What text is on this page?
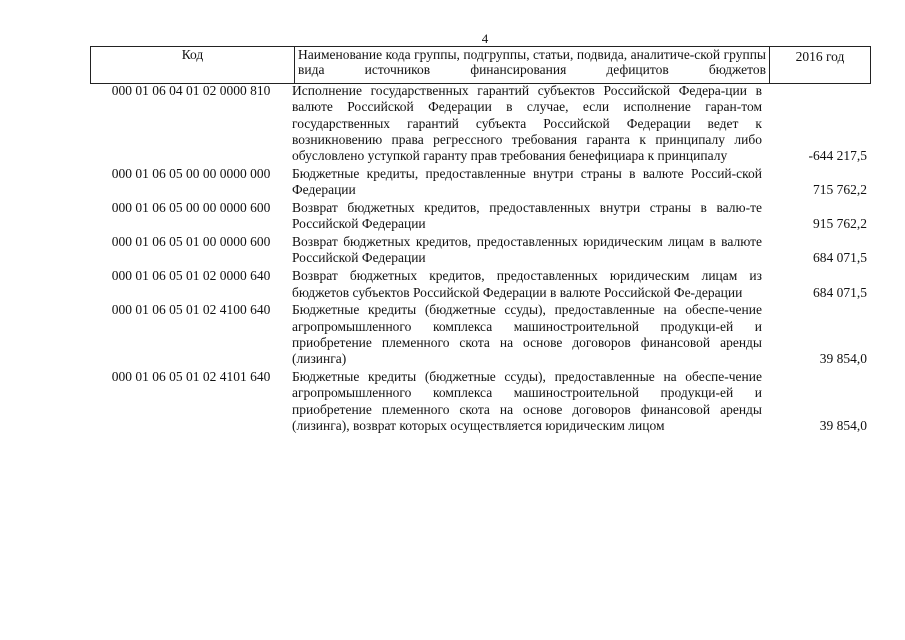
4
Код	Наименование кода группы, подгруппы, статьи, подвида, аналитиче-ской группы вида источников финансирования дефицитов бюджетов	2016 год
000 01 06 04 01 02 0000 810	Исполнение государственных гарантий субъектов Российской Федера-ции в валюте Российской Федерации в случае, если исполнение гаран-том государственных гарантий субъекта Российской Федерации ведет к возникновению права регрессного требования гаранта к принципалу либо обусловлено уступкой гаранту прав требования бенефициара к принципалу	-644 217,5
000 01 06 05 00 00 0000 000	Бюджетные кредиты, предоставленные внутри страны в валюте Россий-ской Федерации	715 762,2
000 01 06 05 00 00 0000 600	Возврат бюджетных кредитов, предоставленных внутри страны в валю-те Российской Федерации	915 762,2
000 01 06 05 01 00 0000 600	Возврат бюджетных кредитов, предоставленных юридическим лицам в валюте Российской Федерации	684 071,5
000 01 06 05 01 02 0000 640	Возврат бюджетных кредитов, предоставленных юридическим лицам из бюджетов субъектов Российской Федерации в валюте Российской Фе-дерации	684 071,5
000 01 06 05 01 02 4100 640	Бюджетные кредиты (бюджетные ссуды), предоставленные на обеспе-чение агропромышленного комплекса машиностроительной продукци-ей и приобретение племенного скота на основе договоров финансовой аренды (лизинга)	39 854,0
000 01 06 05 01 02 4101 640	Бюджетные кредиты (бюджетные ссуды), предоставленные на обеспе-чение агропромышленного комплекса машиностроительной продукци-ей и приобретение племенного скота на основе договоров финансовой аренды (лизинга), возврат которых осуществляется юридическим лицом	39 854,0
